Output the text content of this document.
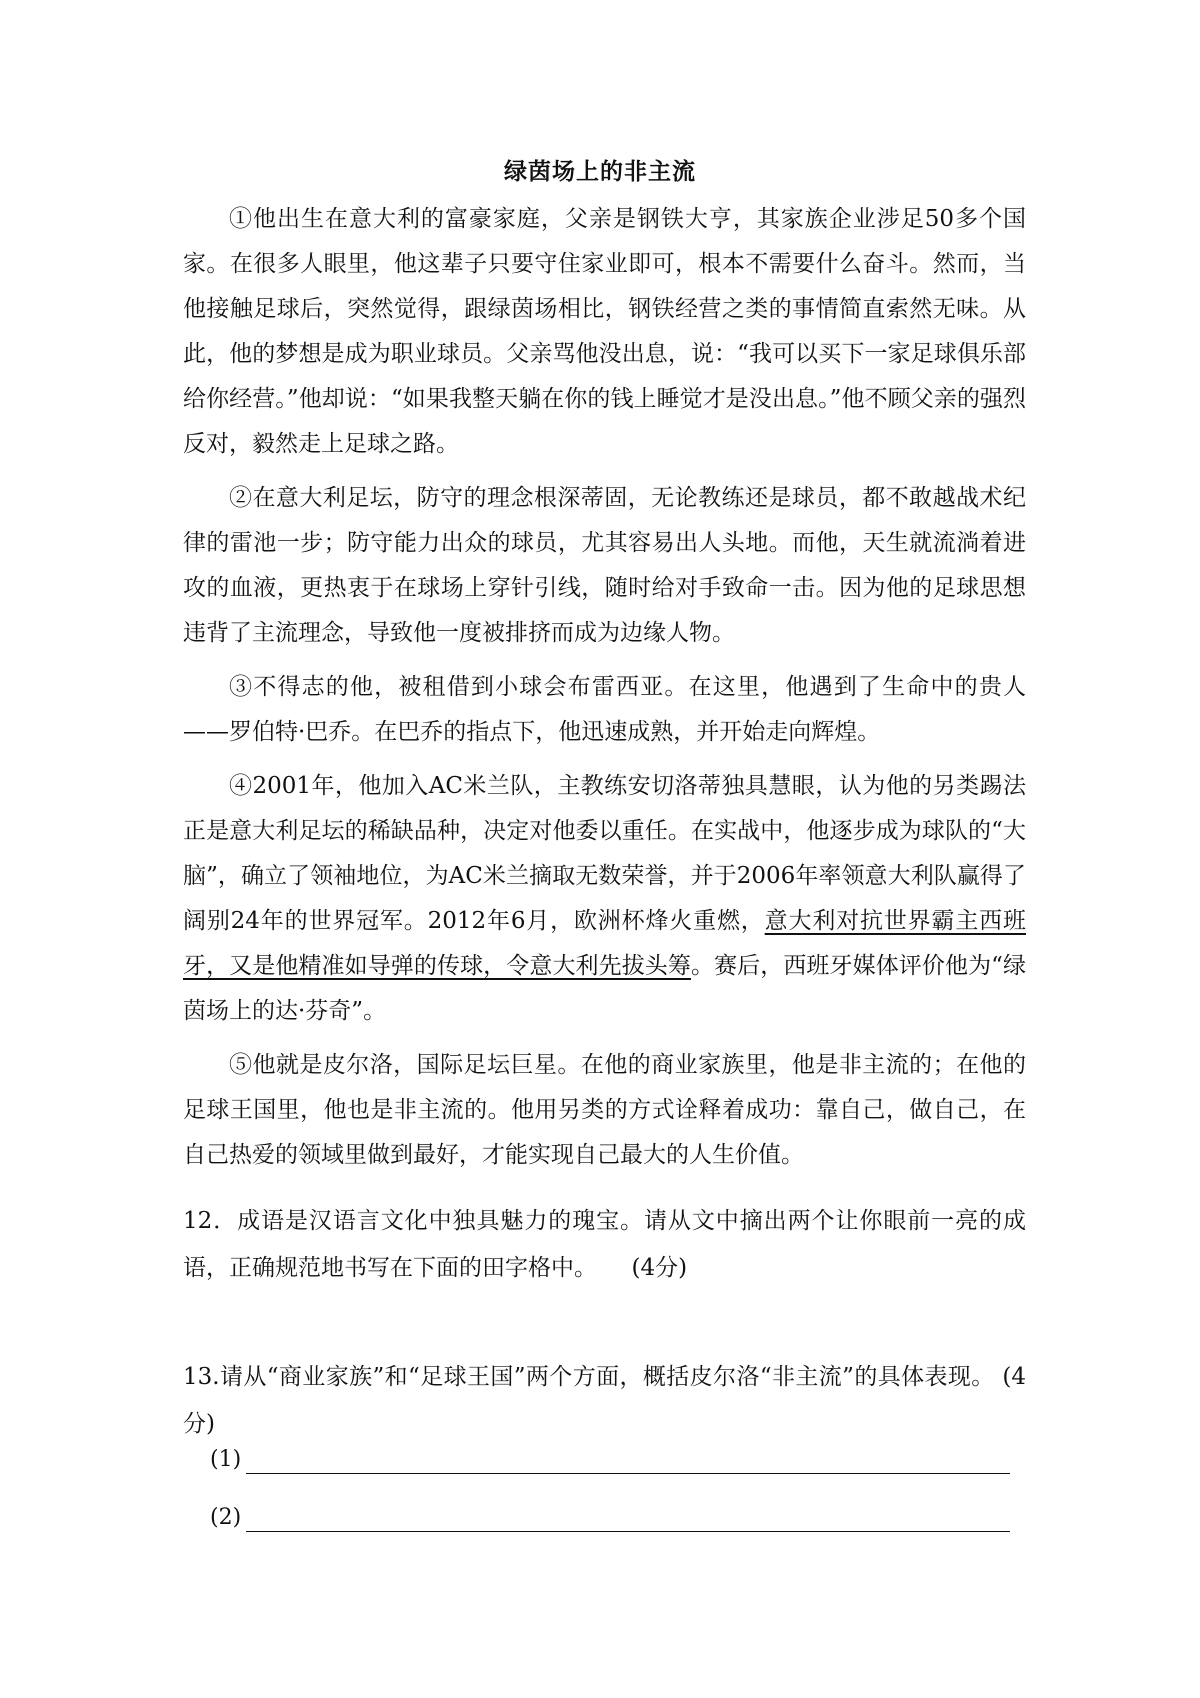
绿茵场上的非主流

①他出生在意大利的富豪家庭，父亲是钢铁大亨，其家族企业涉足50多个国家。在很多人眼里，他这辈子只要守住家业即可，根本不需要什么奋斗。然而，当他接触足球后，突然觉得，跟绿茵场相比，钢铁经营之类的事情简直索然无味。从此，他的梦想是成为职业球员。父亲骂他没出息，说：“我可以买下一家足球俱乐部给你经营。”他却说：“如果我整天躺在你的钱上睡觉才是没出息。”他不顾父亲的强烈反对，毅然走上足球之路。

②在意大利足坛，防守的理念根深蒂固，无论教练还是球员，都不敢越战术纪律的雷池一步；防守能力出众的球员，尤其容易出人头地。而他，天生就流淌着进攻的血液，更热衷于在球场上穿针引线，随时给对手致命一击。因为他的足球思想违背了主流理念，导致他一度被排挤而成为边缘人物。

③不得志的他，被租借到小球会布雷西亚。在这里，他遇到了生命中的贵人——罗伯特·巴乔。在巴乔的指点下，他迅速成熟，并开始走向辉煌。

④2001年，他加入AC米兰队，主教练安切洛蒂独具慧眼，认为他的另类踢法正是意大利足坛的稀缺品种，决定对他委以重任。在实战中，他逐步成为球队的“大脑”，确立了领袖地位，为AC米兰摘取无数荣誉，并于2006年率领意大利队赢得了阔别24年的世界冠军。2012年6月，欧洲杯烽火重燃，意大利对抗世界霸主西班牙，又是他精准如导弹的传球，令意大利先拔头筹。赛后，西班牙媒体评价他为“绿茵场上的达·芬奇”。

⑤他就是皮尔洛，国际足坛巨星。在他的商业家族里，他是非主流的；在他的足球王国里，他也是非主流的。他用另类的方式诠释着成功：靠自己，做自己，在自己热爱的领域里做到最好，才能实现自己最大的人生价值。

12．成语是汉语言文化中独具魅力的瑰宝。请从文中摘出两个让你眼前一亮的成语，正确规范地书写在下面的田字格中。　　(4分)

13.请从“商业家族”和“足球王国”两个方面，概括皮尔洛“非主流”的具体表现。 (4分)

(1)
(2)
